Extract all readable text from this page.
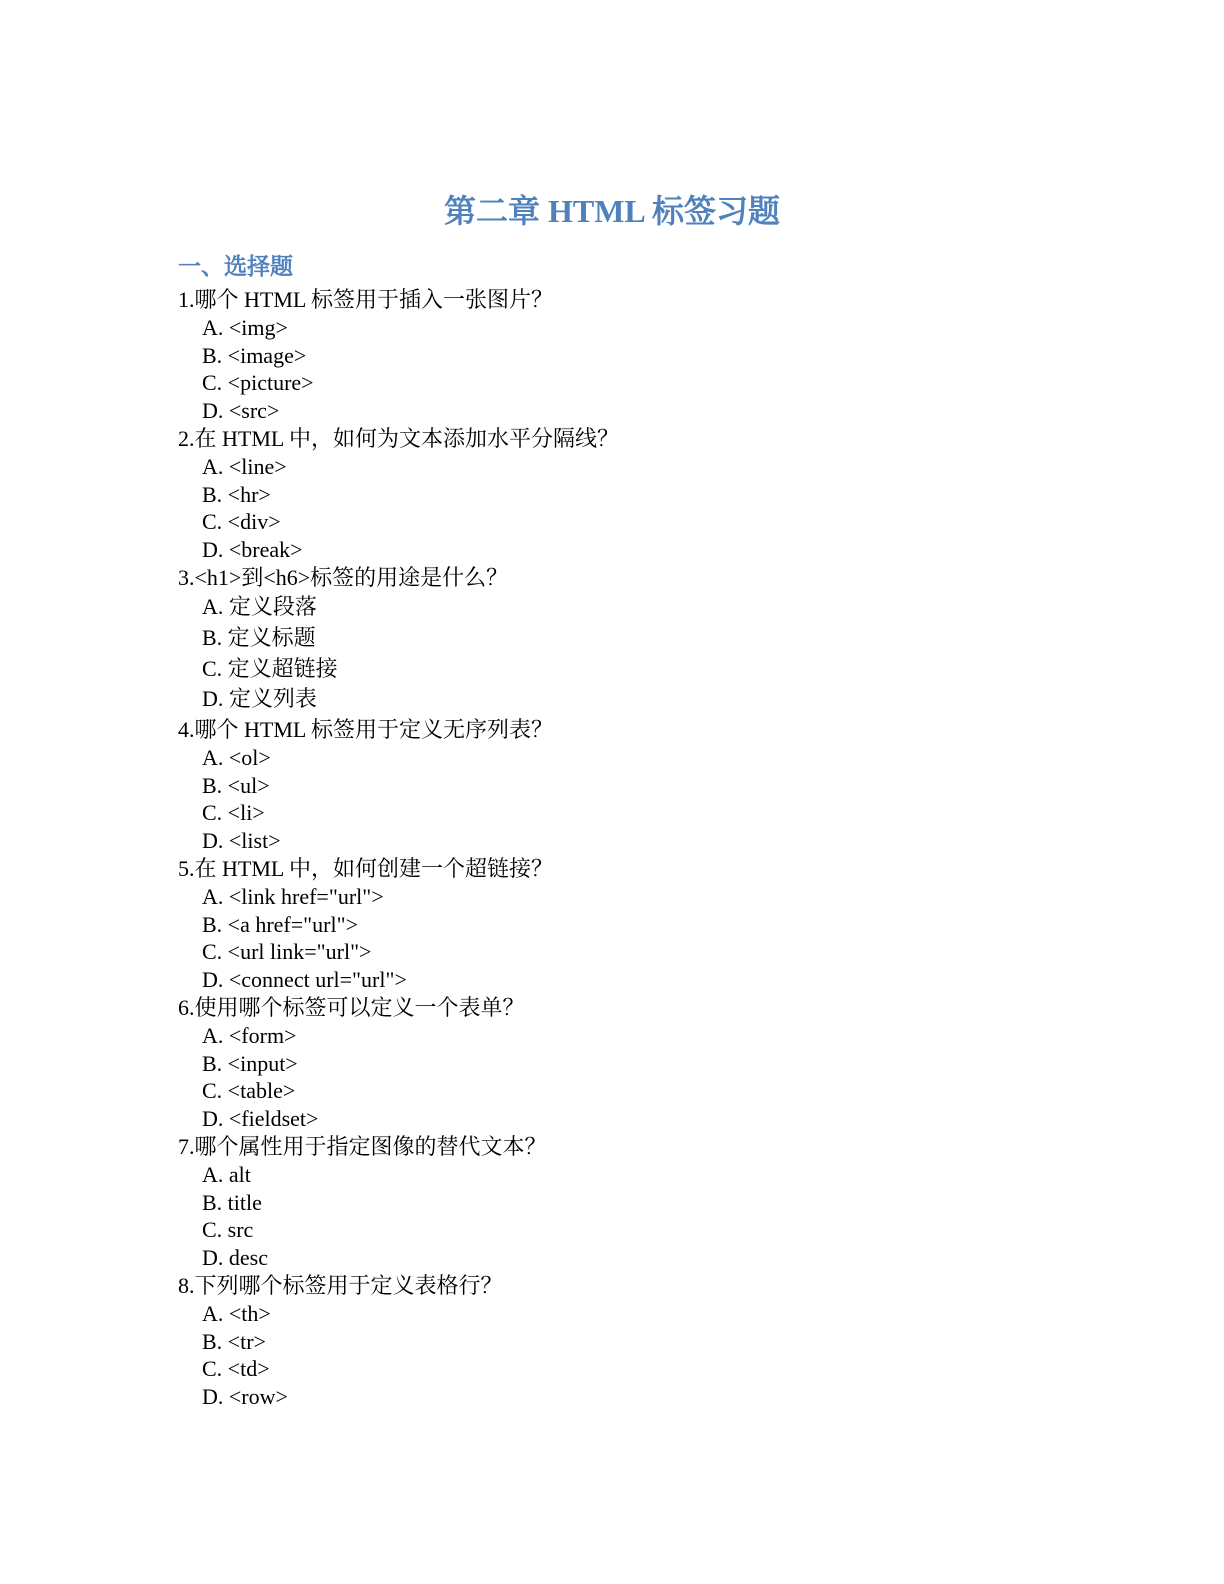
第二章 HTML 标签习题
一、选择题
1.哪个 HTML 标签用于插入一张图片？
A. <img>
B. <image>
C. <picture>
D. <src>
2.在 HTML 中，如何为文本添加水平分隔线？
A. <line>
B. <hr>
C. <div>
D. <break>
3.<h1>到<h6>标签的用途是什么？
A. 定义段落
B. 定义标题
C. 定义超链接
D. 定义列表
4.哪个 HTML 标签用于定义无序列表？
A. <ol>
B. <ul>
C. <li>
D. <list>
5.在 HTML 中，如何创建一个超链接？
A. <link href="url">
B. <a href="url">
C. <url link="url">
D. <connect url="url">
6.使用哪个标签可以定义一个表单？
A. <form>
B. <input>
C. <table>
D. <fieldset>
7.哪个属性用于指定图像的替代文本？
A. alt
B. title
C. src
D. desc
8.下列哪个标签用于定义表格行？
A. <th>
B. <tr>
C. <td>
D. <row>
